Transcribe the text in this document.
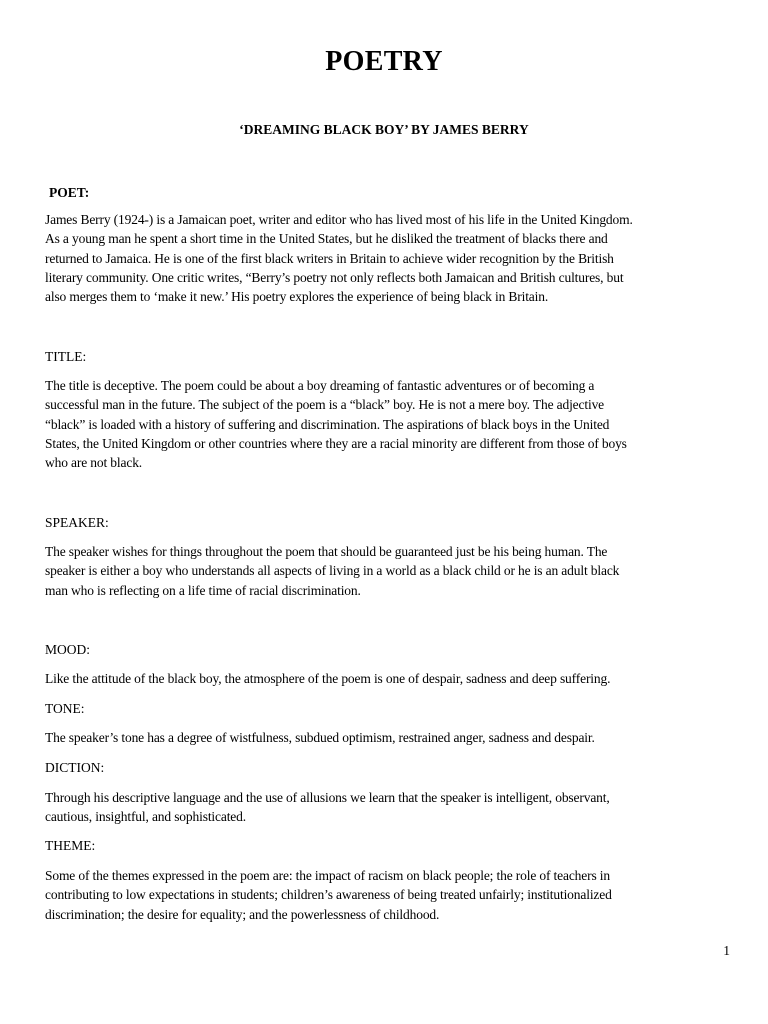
POETRY
‘DREAMING BLACK BOY’ BY JAMES BERRY
POET:
James Berry (1924-) is a Jamaican poet, writer and editor who has lived most of his life in the United Kingdom.
As a young man he spent a short time in the United States, but he disliked the treatment of blacks there and
returned to Jamaica. He is one of the first black writers in Britain to achieve wider recognition by the British
literary community. One critic writes, “Berry’s poetry not only reflects both Jamaican and British cultures, but
also merges them to ‘make it new.’ His poetry explores the experience of being black in Britain.
TITLE:
The title is deceptive. The poem could be about a boy dreaming of fantastic adventures or of becoming a
successful man in the future. The subject of the poem is a “black” boy. He is not a mere boy. The adjective
“black” is loaded with a history of suffering and discrimination. The aspirations of black boys in the United
States, the United Kingdom or other countries where they are a racial minority are different from those of boys
who are not black.
SPEAKER:
The speaker wishes for things throughout the poem that should be guaranteed just be his being human. The
speaker is either a boy who understands all aspects of living in a world as a black child or he is an adult black
man who is reflecting on a life time of racial discrimination.
MOOD:
Like the attitude of the black boy, the atmosphere of the poem is one of despair, sadness and deep suffering.
TONE:
The speaker’s tone has a degree of wistfulness, subdued optimism, restrained anger, sadness and despair.
DICTION:
Through his descriptive language and the use of allusions we learn that the speaker is intelligent, observant,
cautious, insightful, and sophisticated.
THEME:
Some of the themes expressed in the poem are: the impact of racism on black people; the role of teachers in
contributing to low expectations in students; children’s awareness of being treated unfairly; institutionalized
discrimination; the desire for equality; and the powerlessness of childhood.
1
